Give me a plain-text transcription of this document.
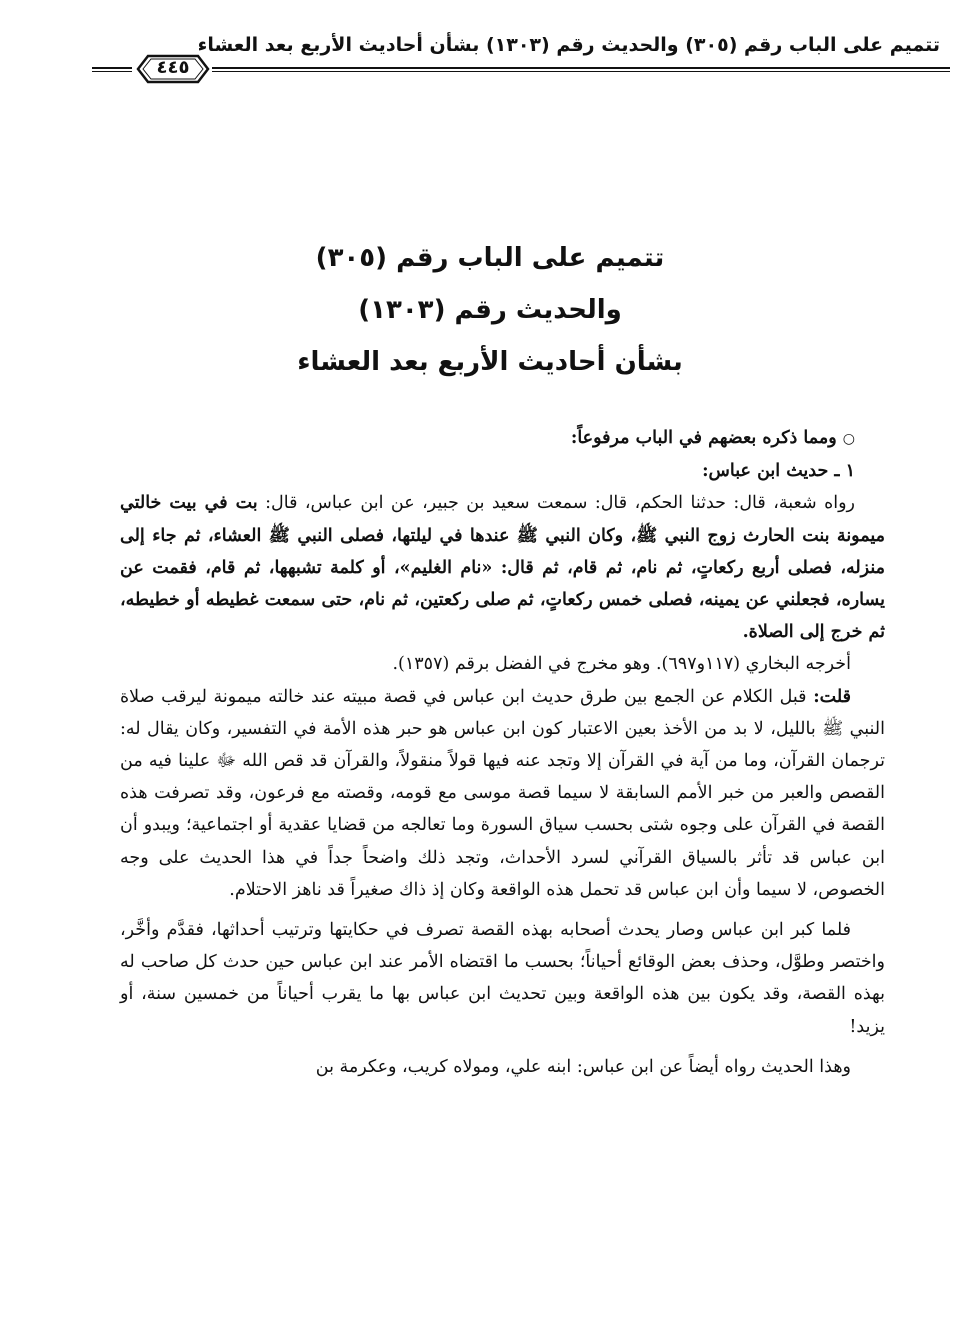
تتميم على الباب رقم (٣٠٥) والحديث رقم (١٣٠٣) بشأن أحاديث الأربع بعد العشاء
٤٤٥
تتميم على الباب رقم (٣٠٥)
والحديث رقم (١٣٠٣)
بشأن أحاديث الأربع بعد العشاء

○ ومما ذكره بعضهم في الباب مرفوعاً:

١ ـ حديث ابن عباس:

رواه شعبة، قال: حدثنا الحكم، قال: سمعت سعيد بن جبير، عن ابن عباس، قال: بت في بيت خالتي ميمونة بنت الحارث زوج النبي ﷺ، وكان النبي ﷺ عندها في ليلتها، فصلى النبي ﷺ العشاء، ثم جاء إلى منزله، فصلى أربع ركعاتٍ، ثم نام، ثم قام، ثم قال: «نام الغليم»، أو كلمة تشبهها، ثم قام، فقمت عن يساره، فجعلني عن يمينه، فصلى خمس ركعاتٍ، ثم صلى ركعتين، ثم نام، حتى سمعت غطيطه أو خطيطه، ثم خرج إلى الصلاة.

أخرجه البخاري (١١٧و٦٩٧). وهو مخرج في الفضل برقم (١٣٥٧).

قلت: قبل الكلام عن الجمع بين طرق حديث ابن عباس في قصة مبيته عند خالته ميمونة ليرقب صلاة النبي ﷺ بالليل، لا بد من الأخذ بعين الاعتبار كون ابن عباس هو حبر هذه الأمة في التفسير، وكان يقال له: ترجمان القرآن، وما من آية في القرآن إلا وتجد عنه فيها قولاً منقولاً، والقرآن قد قص الله ﷻ علينا فيه من القصص والعبر من خبر الأمم السابقة لا سيما قصة موسى مع قومه، وقصته مع فرعون، وقد تصرفت هذه القصة في القرآن على وجوه شتى بحسب سياق السورة وما تعالجه من قضايا عقدية أو اجتماعية؛ ويبدو أن ابن عباس قد تأثر بالسياق القرآني لسرد الأحداث، وتجد ذلك واضحاً جداً في هذا الحديث على وجه الخصوص، لا سيما وأن ابن عباس قد تحمل هذه الواقعة وكان إذ ذاك صغيراً قد ناهز الاحتلام.

فلما كبر ابن عباس وصار يحدث أصحابه بهذه القصة تصرف في حكايتها وترتيب أحداثها، فقدَّم وأخَّر، واختصر وطوَّل، وحذف بعض الوقائع أحياناً؛ بحسب ما اقتضاه الأمر عند ابن عباس حين حدث كل صاحب له بهذه القصة، وقد يكون بين هذه الواقعة وبين تحديث ابن عباس بها ما يقرب أحياناً من خمسين سنة، أو يزيد!

وهذا الحديث رواه أيضاً عن ابن عباس: ابنه علي، ومولاه كريب، وعكرمة بن
